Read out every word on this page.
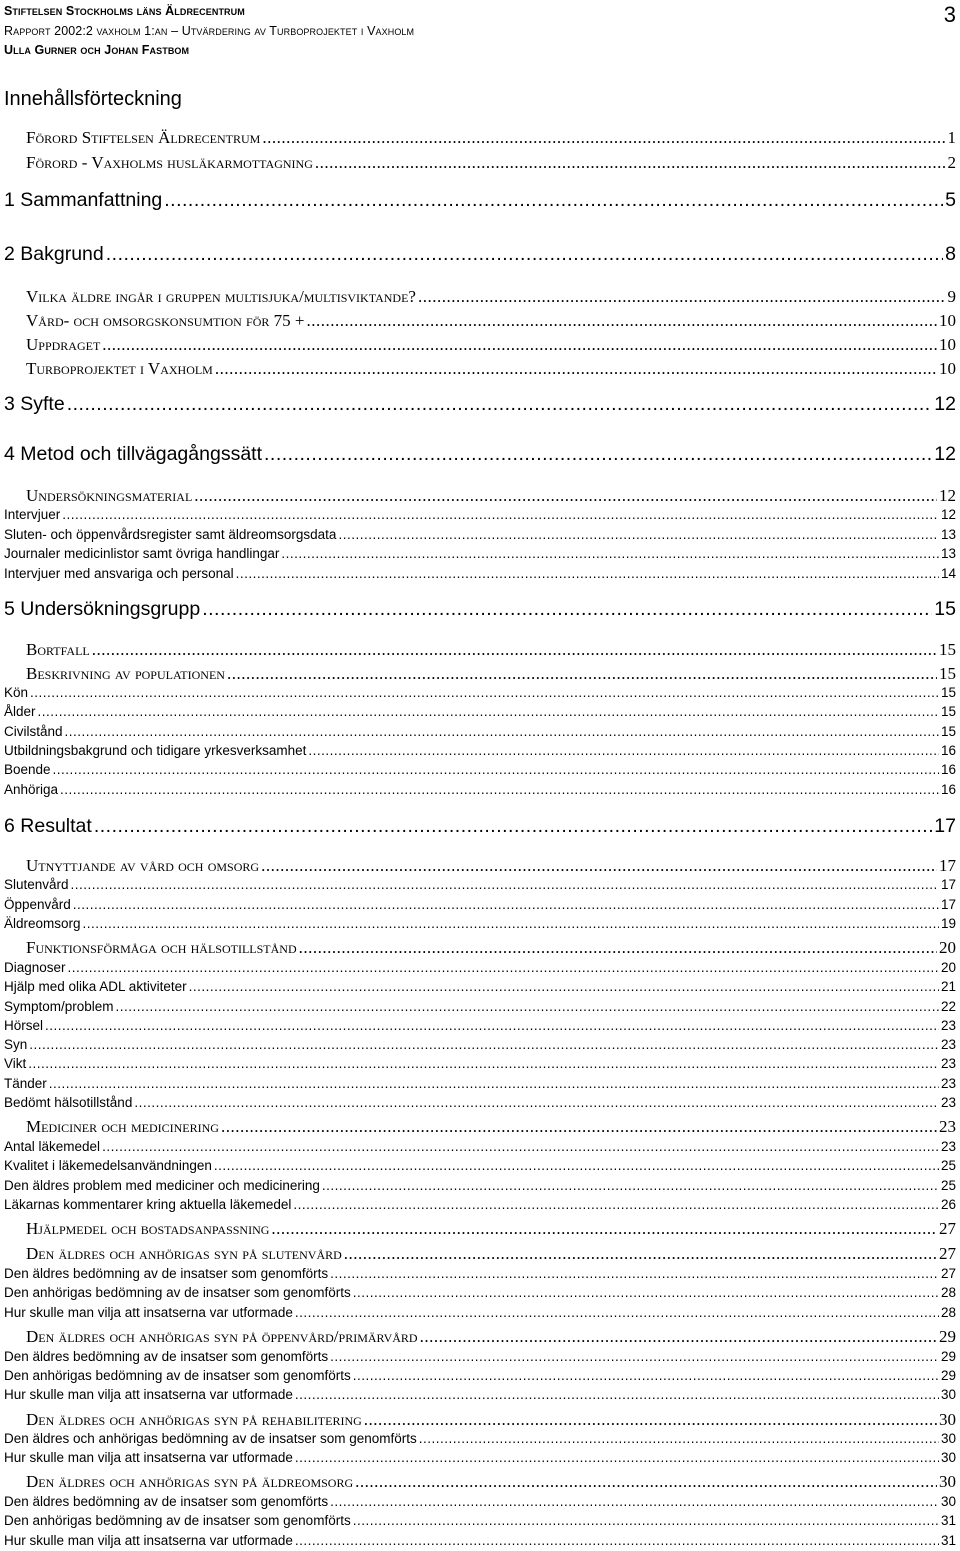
Stiftelsen Stockholms läns Äldrecentrum
Rapport 2002:2 vaxholm 1:an – Utvärdering av Turboprojektet i Vaxholm
Ulla Gurner och Johan Fastbom
3
Innehållsförteckning
Förord Stiftelsen Äldrecentrum .....	1
Förord - Vaxholms husläkarmottagning .....	2
1 Sammanfattning .....	5
2 Bakgrund .....	8
Vilka äldre ingår i gruppen multisjuka/multisviktande? .....	9
Vård- och omsorgskonsumtion för 75 + .....	10
Uppdraget .....	10
Turboprojektet i Vaxholm .....	10
3 Syfte .....	12
4 Metod och tillvägagångssätt .....	12
Undersökningsmaterial .....	12
Intervjuer .....	12
Sluten- och öppenvårdsregister samt äldreomsorgsdata .....	13
Journaler medicinlistor samt övriga handlingar .....	13
Intervjuer med ansvariga och personal .....	14
5 Undersökningsgrupp .....	15
Bortfall .....	15
Beskrivning av populationen .....	15
Kön .....	15
Ålder .....	15
Civilstånd .....	15
Utbildningsbakgrund och tidigare yrkesverksamhet .....	16
Boende .....	16
Anhöriga .....	16
6 Resultat .....	17
Utnyttjande av vård och omsorg .....	17
Slutenvård .....	17
Öppenvård .....	17
Äldreomsorg .....	19
Funktionsförmåga och hälsotillstånd .....	20
Diagnoser .....	20
Hjälp med olika ADL aktiviteter .....	21
Symptom/problem .....	22
Hörsel .....	23
Syn .....	23
Vikt .....	23
Tänder .....	23
Bedömt hälsotillstånd .....	23
Mediciner och medicinering .....	23
Antal läkemedel .....	23
Kvalitet i läkemedelsanvändningen .....	25
Den äldres problem med mediciner och medicinering .....	25
Läkarnas kommentarer kring aktuella läkemedel .....	26
Hjälpmedel och bostadsanpassning .....	27
Den äldres och anhörigas syn på slutenvård .....	27
Den äldres bedömning av de insatser som genomförts .....	27
Den anhörigas bedömning av de insatser som genomförts .....	28
Hur skulle man vilja att insatserna var utformade .....	28
Den äldres och anhörigas syn på öppenvård/primärvård .....	29
Den äldres bedömning av de insatser som genomförts .....	29
Den anhörigas bedömning av de insatser som genomförts .....	29
Hur skulle man vilja att insatserna var utformade .....	30
Den äldres och anhörigas syn på rehabilitering .....	30
Den äldres och anhörigas bedömning av de insatser som genomförts .....	30
Hur skulle man vilja att insatserna var utformade .....	30
Den äldres och anhörigas syn på äldreomsorg .....	30
Den äldres bedömning av de insatser som genomförts .....	30
Den anhörigas bedömning av de insatser som genomförts .....	31
Hur skulle man vilja att insatserna var utformade .....	31
